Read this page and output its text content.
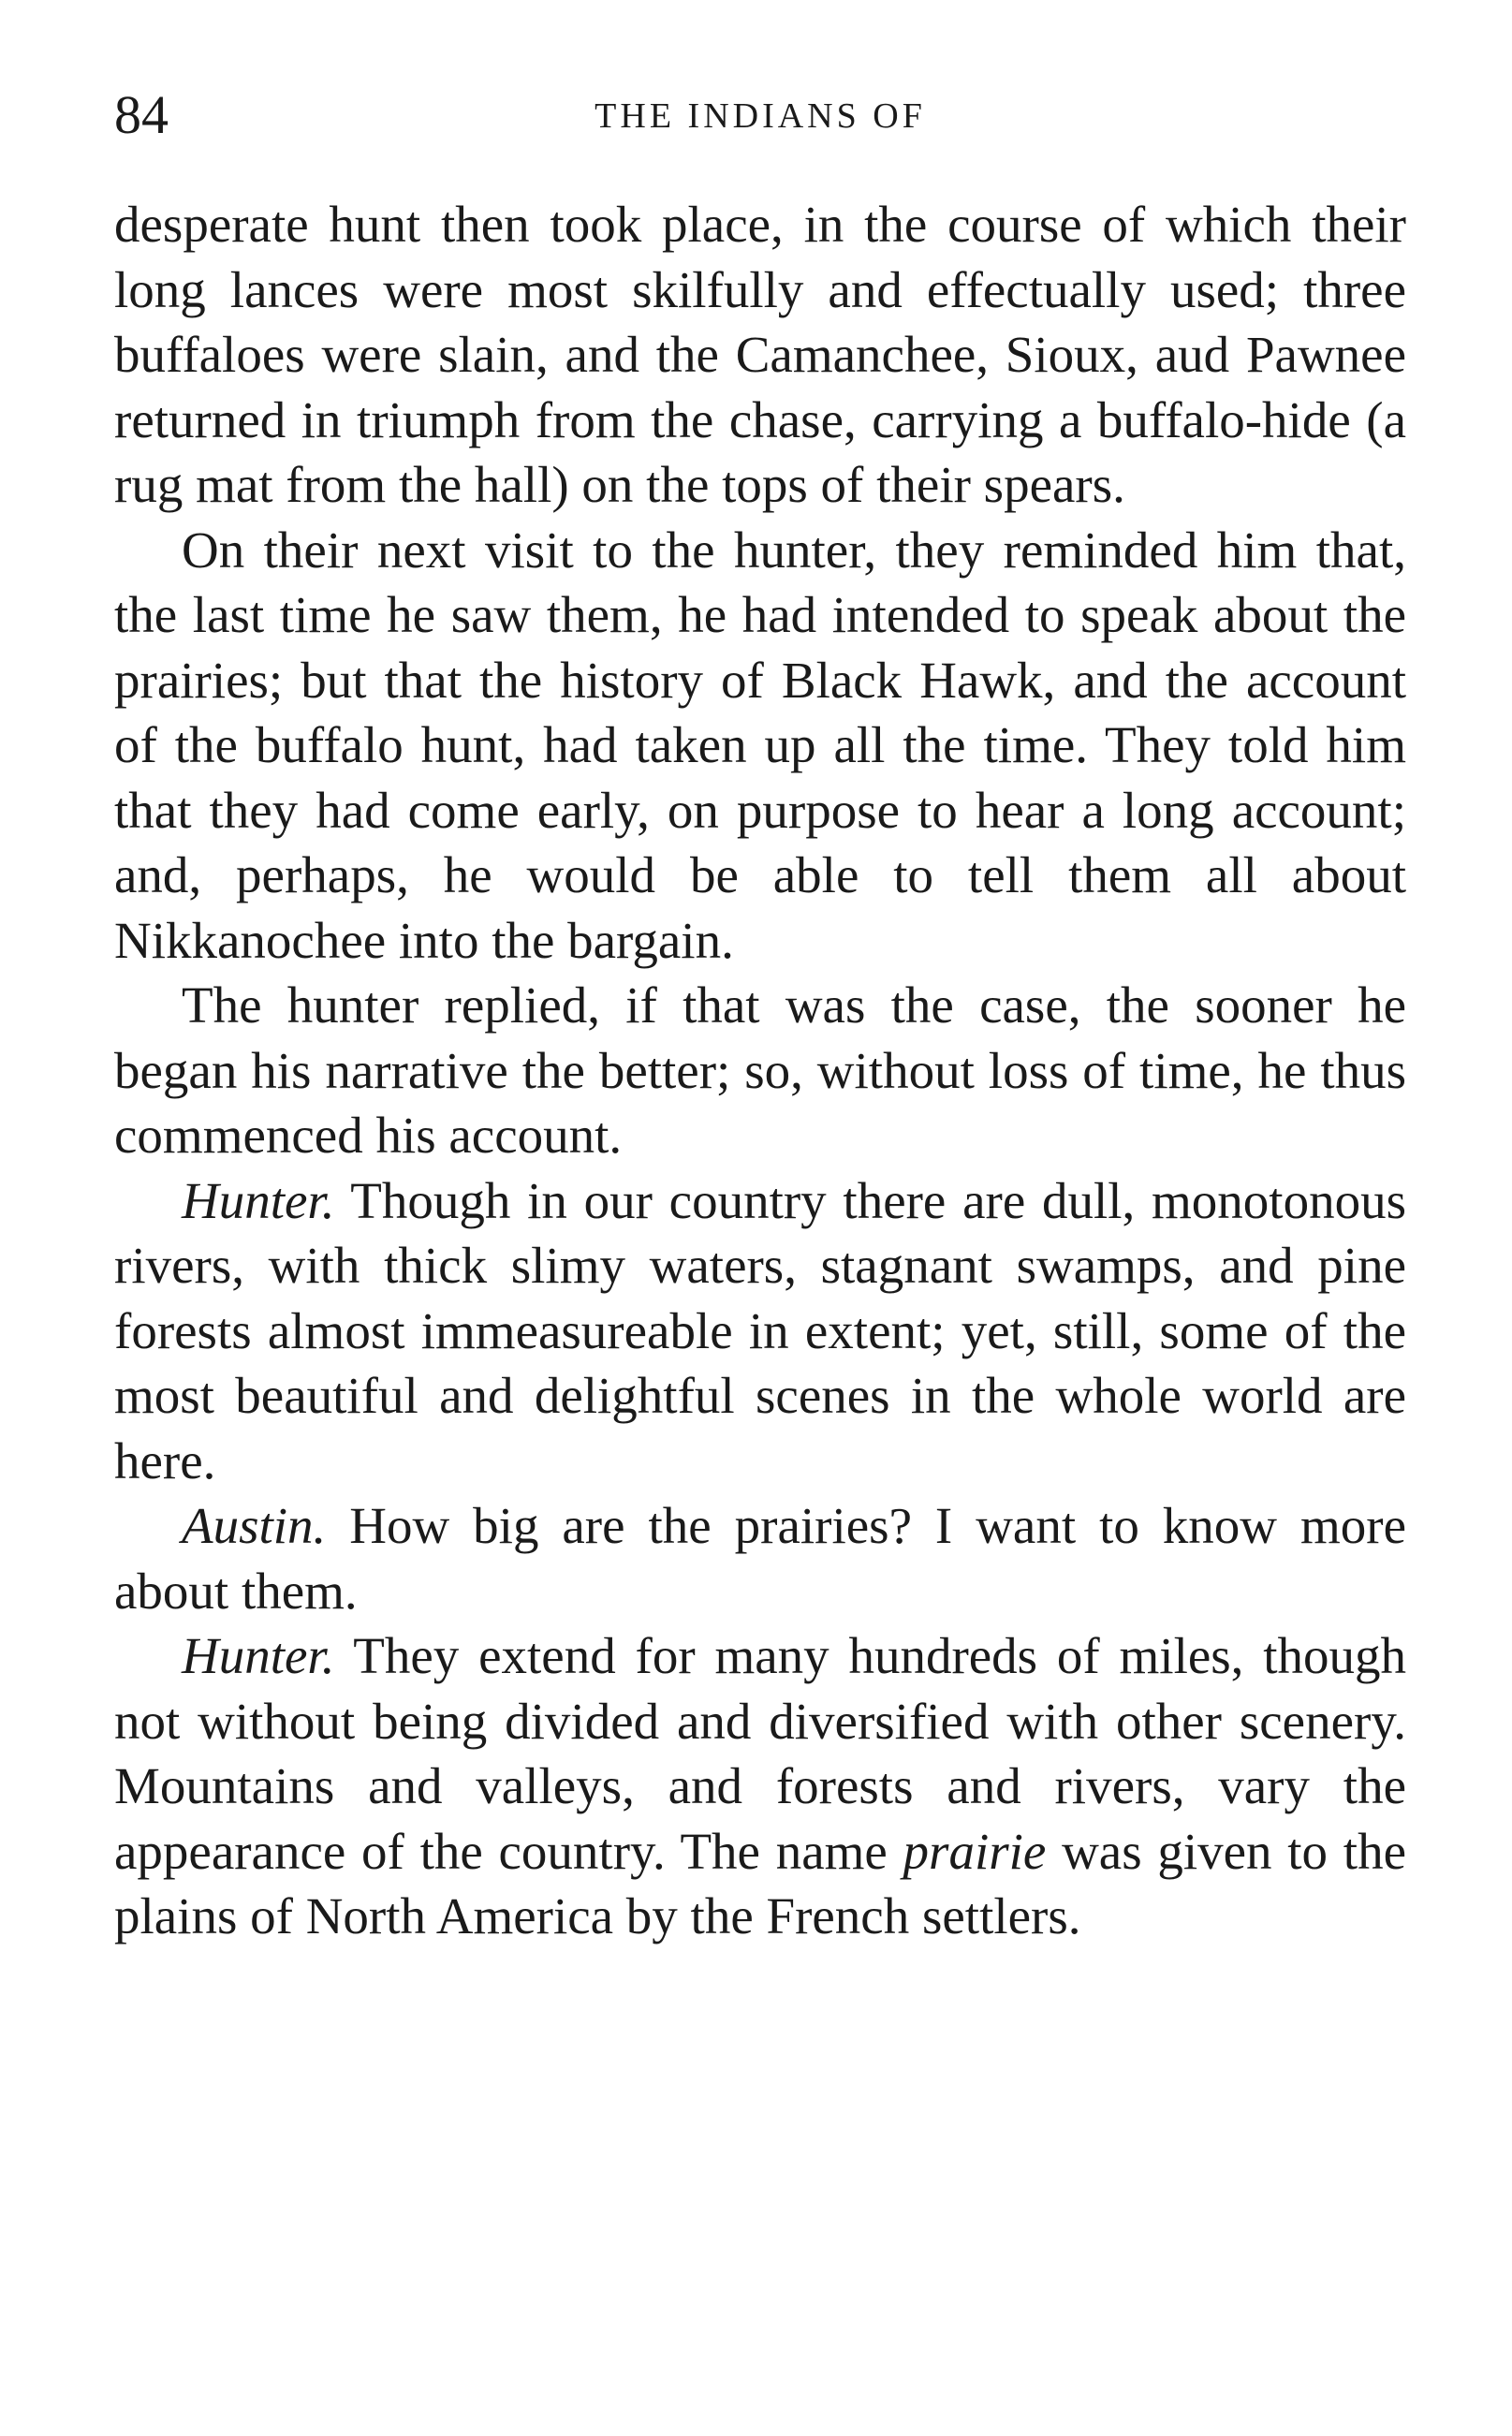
84	THE INDIANS OF

desperate hunt then took place, in the course of which their long lances were most skilfully and effectually used; three buffaloes were slain, and the Camanchee, Sioux, aud Pawnee returned in triumph from the chase, carrying a buffalo-hide (a rug mat from the hall) on the tops of their spears.

On their next visit to the hunter, they reminded him that, the last time he saw them, he had intended to speak about the prairies; but that the history of Black Hawk, and the account of the buffalo hunt, had taken up all the time. They told him that they had come early, on purpose to hear a long account; and, perhaps, he would be able to tell them all about Nikkanochee into the bargain.

The hunter replied, if that was the case, the sooner he began his narrative the better; so, without loss of time, he thus commenced his account.

Hunter. Though in our country there are dull, monotonous rivers, with thick slimy waters, stagnant swamps, and pine forests almost immeasureable in extent; yet, still, some of the most beautiful and delightful scenes in the whole world are here.

Austin. How big are the prairies? I want to know more about them.

Hunter. They extend for many hundreds of miles, though not without being divided and diversified with other scenery. Mountains and valleys, and forests and rivers, vary the appearance of the country. The name prairie was given to the plains of North America by the French settlers.
